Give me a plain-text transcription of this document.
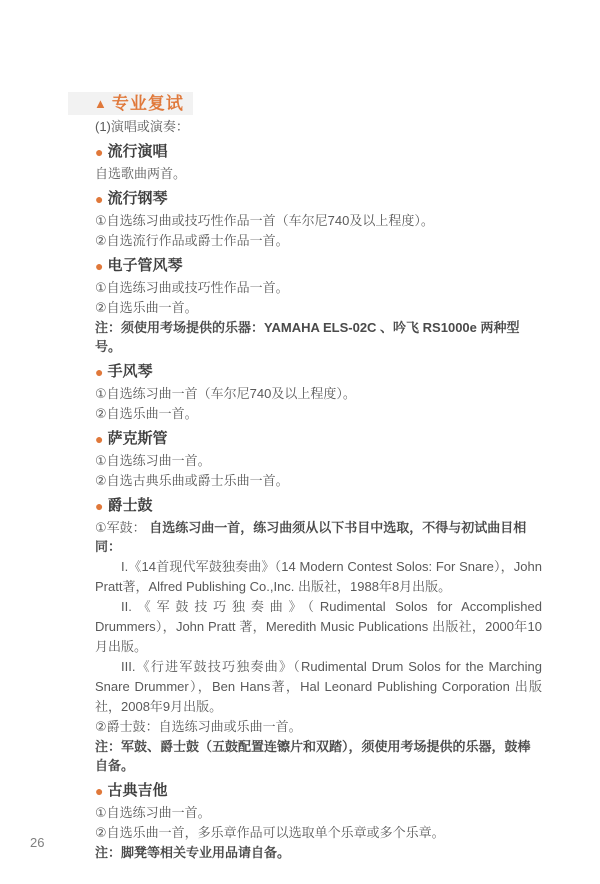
▲ 专业复试

(1)演唱或演奏：

● 流行演唱

自选歌曲两首。

● 流行钢琴

①自选练习曲或技巧性作品一首（车尔尼740及以上程度）。

②自选流行作品或爵士作品一首。

● 电子管风琴

①自选练习曲或技巧性作品一首。

②自选乐曲一首。

注：须使用考场提供的乐器：YAMAHA ELS-02C 、吟飞 RS1000e 两种型号。

● 手风琴

①自选练习曲一首（车尔尼740及以上程度）。

②自选乐曲一首。

● 萨克斯管

①自选练习曲一首。

②自选古典乐曲或爵士乐曲一首。

● 爵士鼓

①军鼓： 自选练习曲一首，练习曲须从以下书目中选取，不得与初试曲目相同：

I.《14首现代军鼓独奏曲》（14 Modern Contest Solos: For Snare），John Pratt著，Alfred Publishing Co.,Inc. 出版社，1988年8月出版。

II.《军鼓技巧独奏曲》（Rudimental Solos for Accomplished Drummers），John Pratt 著，Meredith Music Publications 出版社，2000年10月出版。

III.《行进军鼓技巧独奏曲》（Rudimental Drum Solos for the Marching Snare Drummer），Ben Hans著，Hal Leonard Publishing Corporation 出版社，2008年9月出版。

②爵士鼓：自选练习曲或乐曲一首。

注：军鼓、爵士鼓（五鼓配置连镲片和双踏），须使用考场提供的乐器，鼓棒自备。

● 古典吉他

①自选练习曲一首。

②自选乐曲一首，多乐章作品可以选取单个乐章或多个乐章。

注：脚凳等相关专业用品请自备。

26
